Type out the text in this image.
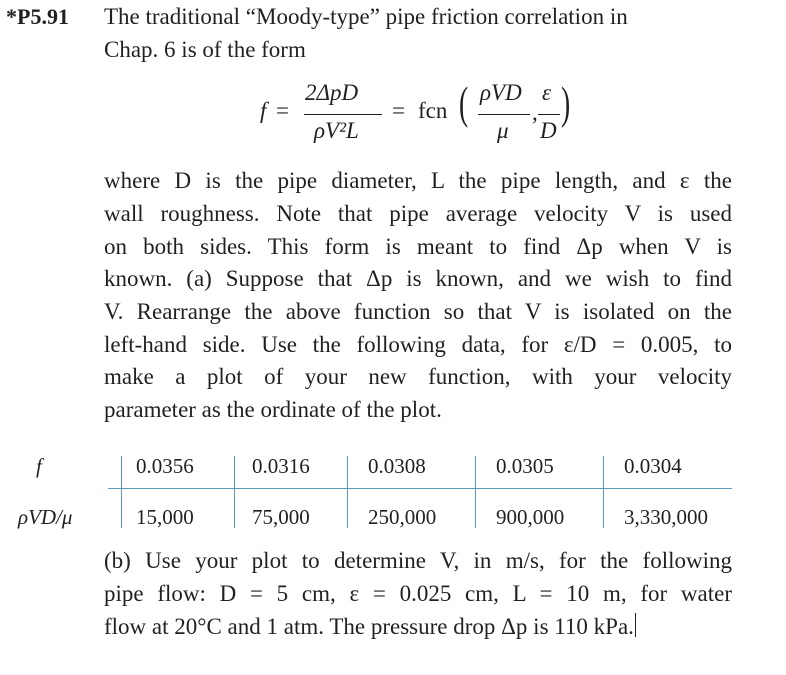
*P5.91 The traditional “Moody-type” pipe friction correlation in
Chap. 6 is of the form
f =
2ΔpD
ρV²L
= fcn ( ρVD
μ
,
ε
D
)
where D is the pipe diameter, L the pipe length, and ε the
wall roughness. Note that pipe average velocity V is used
on both sides. This form is meant to find Δp when V is
known. (a) Suppose that Δp is known, and we wish to find
V. Rearrange the above function so that V is isolated on the
left-hand side. Use the following data, for ε/D = 0.005, to
make a plot of your new function, with your velocity
parameter as the ordinate of the plot.
f	0.0356	0.0316	0.0308	0.0305	0.0304
ρVD/μ	15,000	75,000	250,000	900,000	3,330,000
(b) Use your plot to determine V, in m/s, for the following
pipe flow: D = 5 cm, ε = 0.025 cm, L = 10 m, for water
flow at 20°C and 1 atm. The pressure drop Δp is 110 kPa.
